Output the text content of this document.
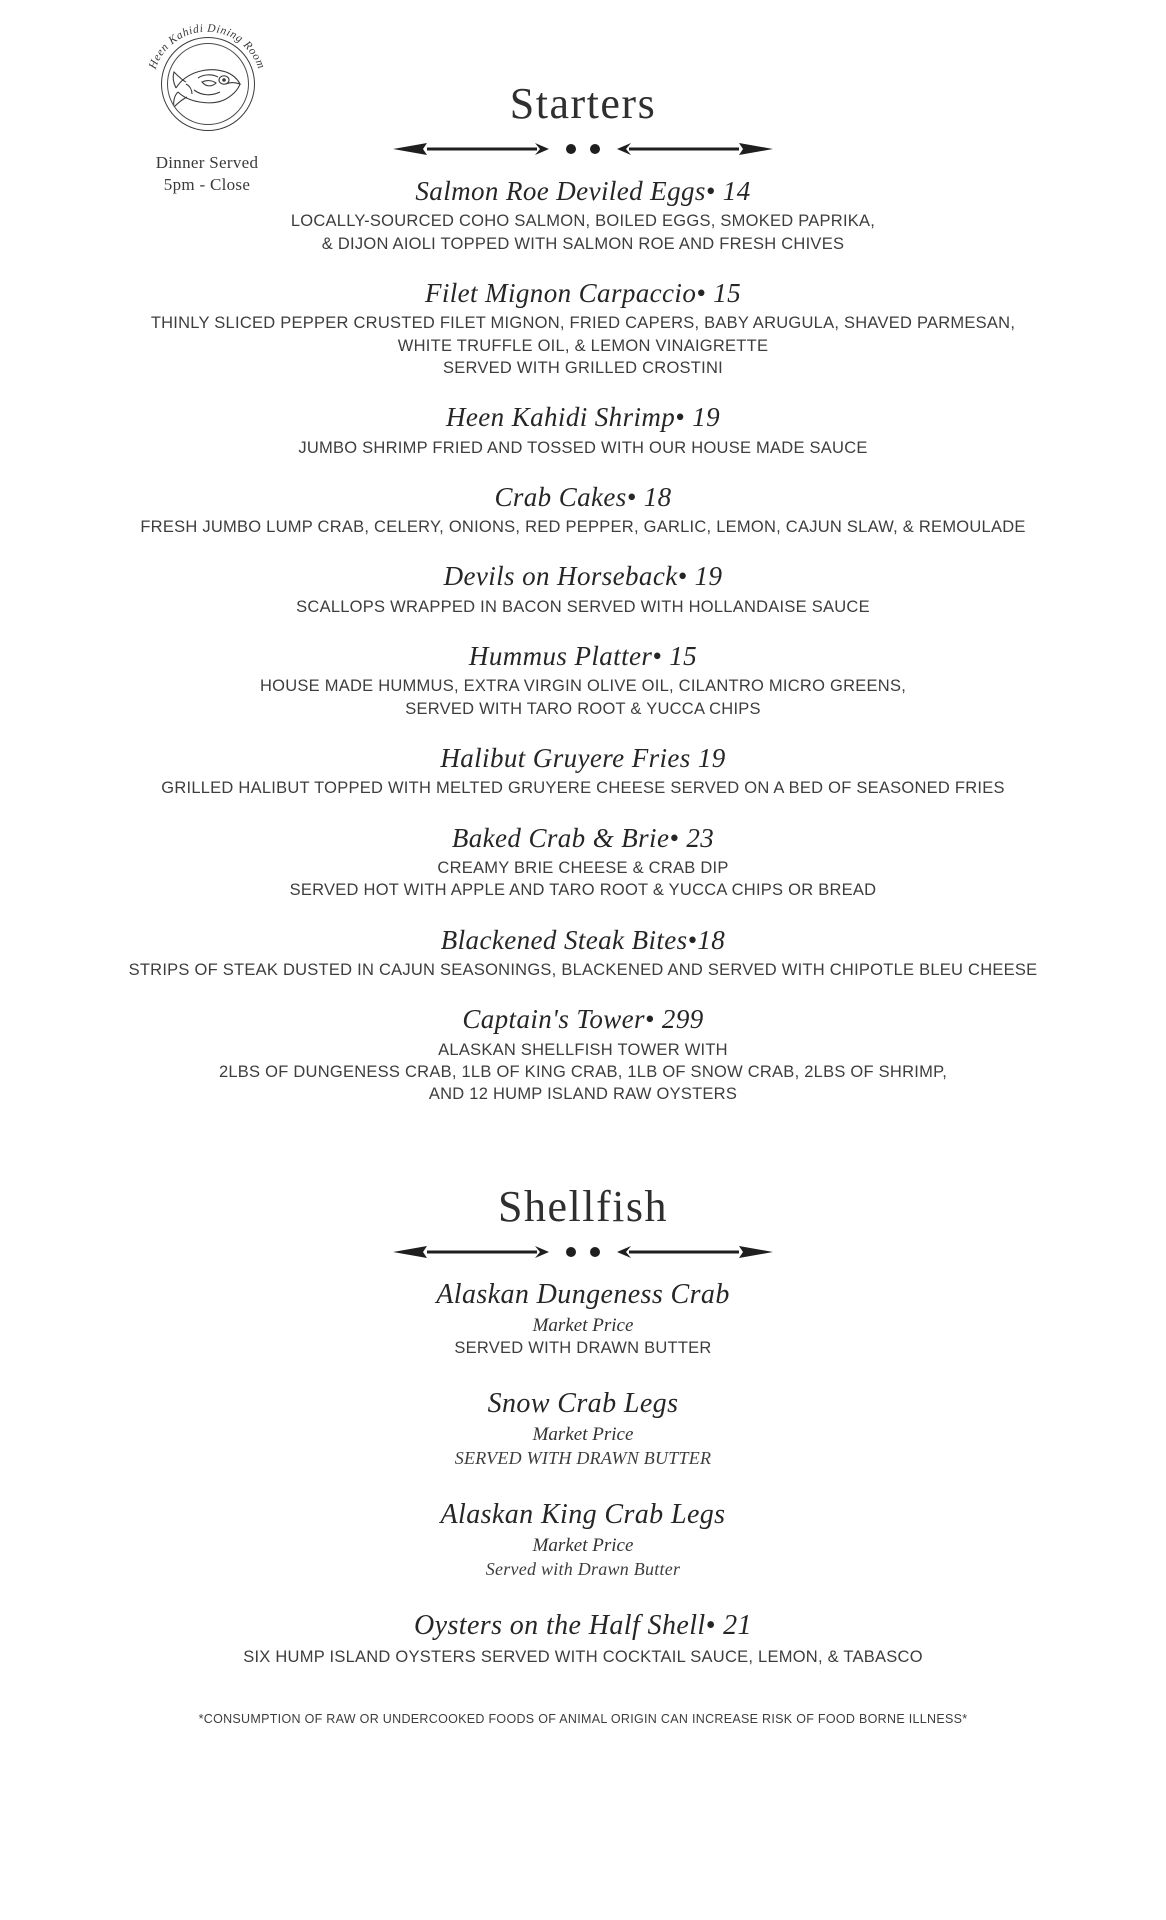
Heen Kahidi Dining Room
Dinner Served
5pm - Close
Starters
Salmon Roe Deviled Eggs• 14
LOCALLY-SOURCED COHO SALMON, BOILED EGGS, SMOKED PAPRIKA,
& DIJON AIOLI TOPPED WITH SALMON ROE AND FRESH CHIVES
Filet Mignon Carpaccio• 15
THINLY SLICED PEPPER CRUSTED FILET MIGNON, FRIED CAPERS, BABY ARUGULA, SHAVED PARMESAN,
WHITE TRUFFLE OIL, & LEMON VINAIGRETTE
SERVED WITH GRILLED CROSTINI
Heen Kahidi Shrimp• 19
JUMBO SHRIMP FRIED AND TOSSED WITH OUR HOUSE MADE SAUCE
Crab Cakes• 18
FRESH JUMBO LUMP CRAB, CELERY, ONIONS, RED PEPPER, GARLIC, LEMON, CAJUN SLAW, & REMOULADE
Devils on Horseback• 19
SCALLOPS WRAPPED IN BACON SERVED WITH HOLLANDAISE SAUCE
Hummus Platter• 15
HOUSE MADE HUMMUS, EXTRA VIRGIN OLIVE OIL, CILANTRO MICRO GREENS,
SERVED WITH TARO ROOT & YUCCA CHIPS
Halibut Gruyere Fries 19
GRILLED HALIBUT TOPPED WITH MELTED GRUYERE CHEESE SERVED ON A BED OF SEASONED FRIES
Baked Crab & Brie• 23
CREAMY BRIE CHEESE & CRAB DIP
SERVED HOT WITH APPLE AND TARO ROOT & YUCCA CHIPS OR BREAD
Blackened Steak Bites•18
STRIPS OF STEAK DUSTED IN CAJUN SEASONINGS, BLACKENED AND SERVED WITH CHIPOTLE BLEU CHEESE
Captain's Tower• 299
ALASKAN SHELLFISH TOWER WITH
2LBS OF DUNGENESS CRAB, 1LB OF KING CRAB, 1LB OF SNOW CRAB, 2LBS OF SHRIMP,
AND 12 HUMP ISLAND RAW OYSTERS
Shellfish
Alaskan Dungeness Crab
Market Price
SERVED WITH DRAWN BUTTER
Snow Crab Legs
Market Price
SERVED WITH DRAWN BUTTER
Alaskan King Crab Legs
Market Price
Served with Drawn Butter
Oysters on the Half Shell• 21
SIX HUMP ISLAND OYSTERS SERVED WITH COCKTAIL SAUCE, LEMON, & TABASCO
*CONSUMPTION OF RAW OR UNDERCOOKED FOODS OF ANIMAL ORIGIN CAN INCREASE RISK OF FOOD BORNE ILLNESS*
